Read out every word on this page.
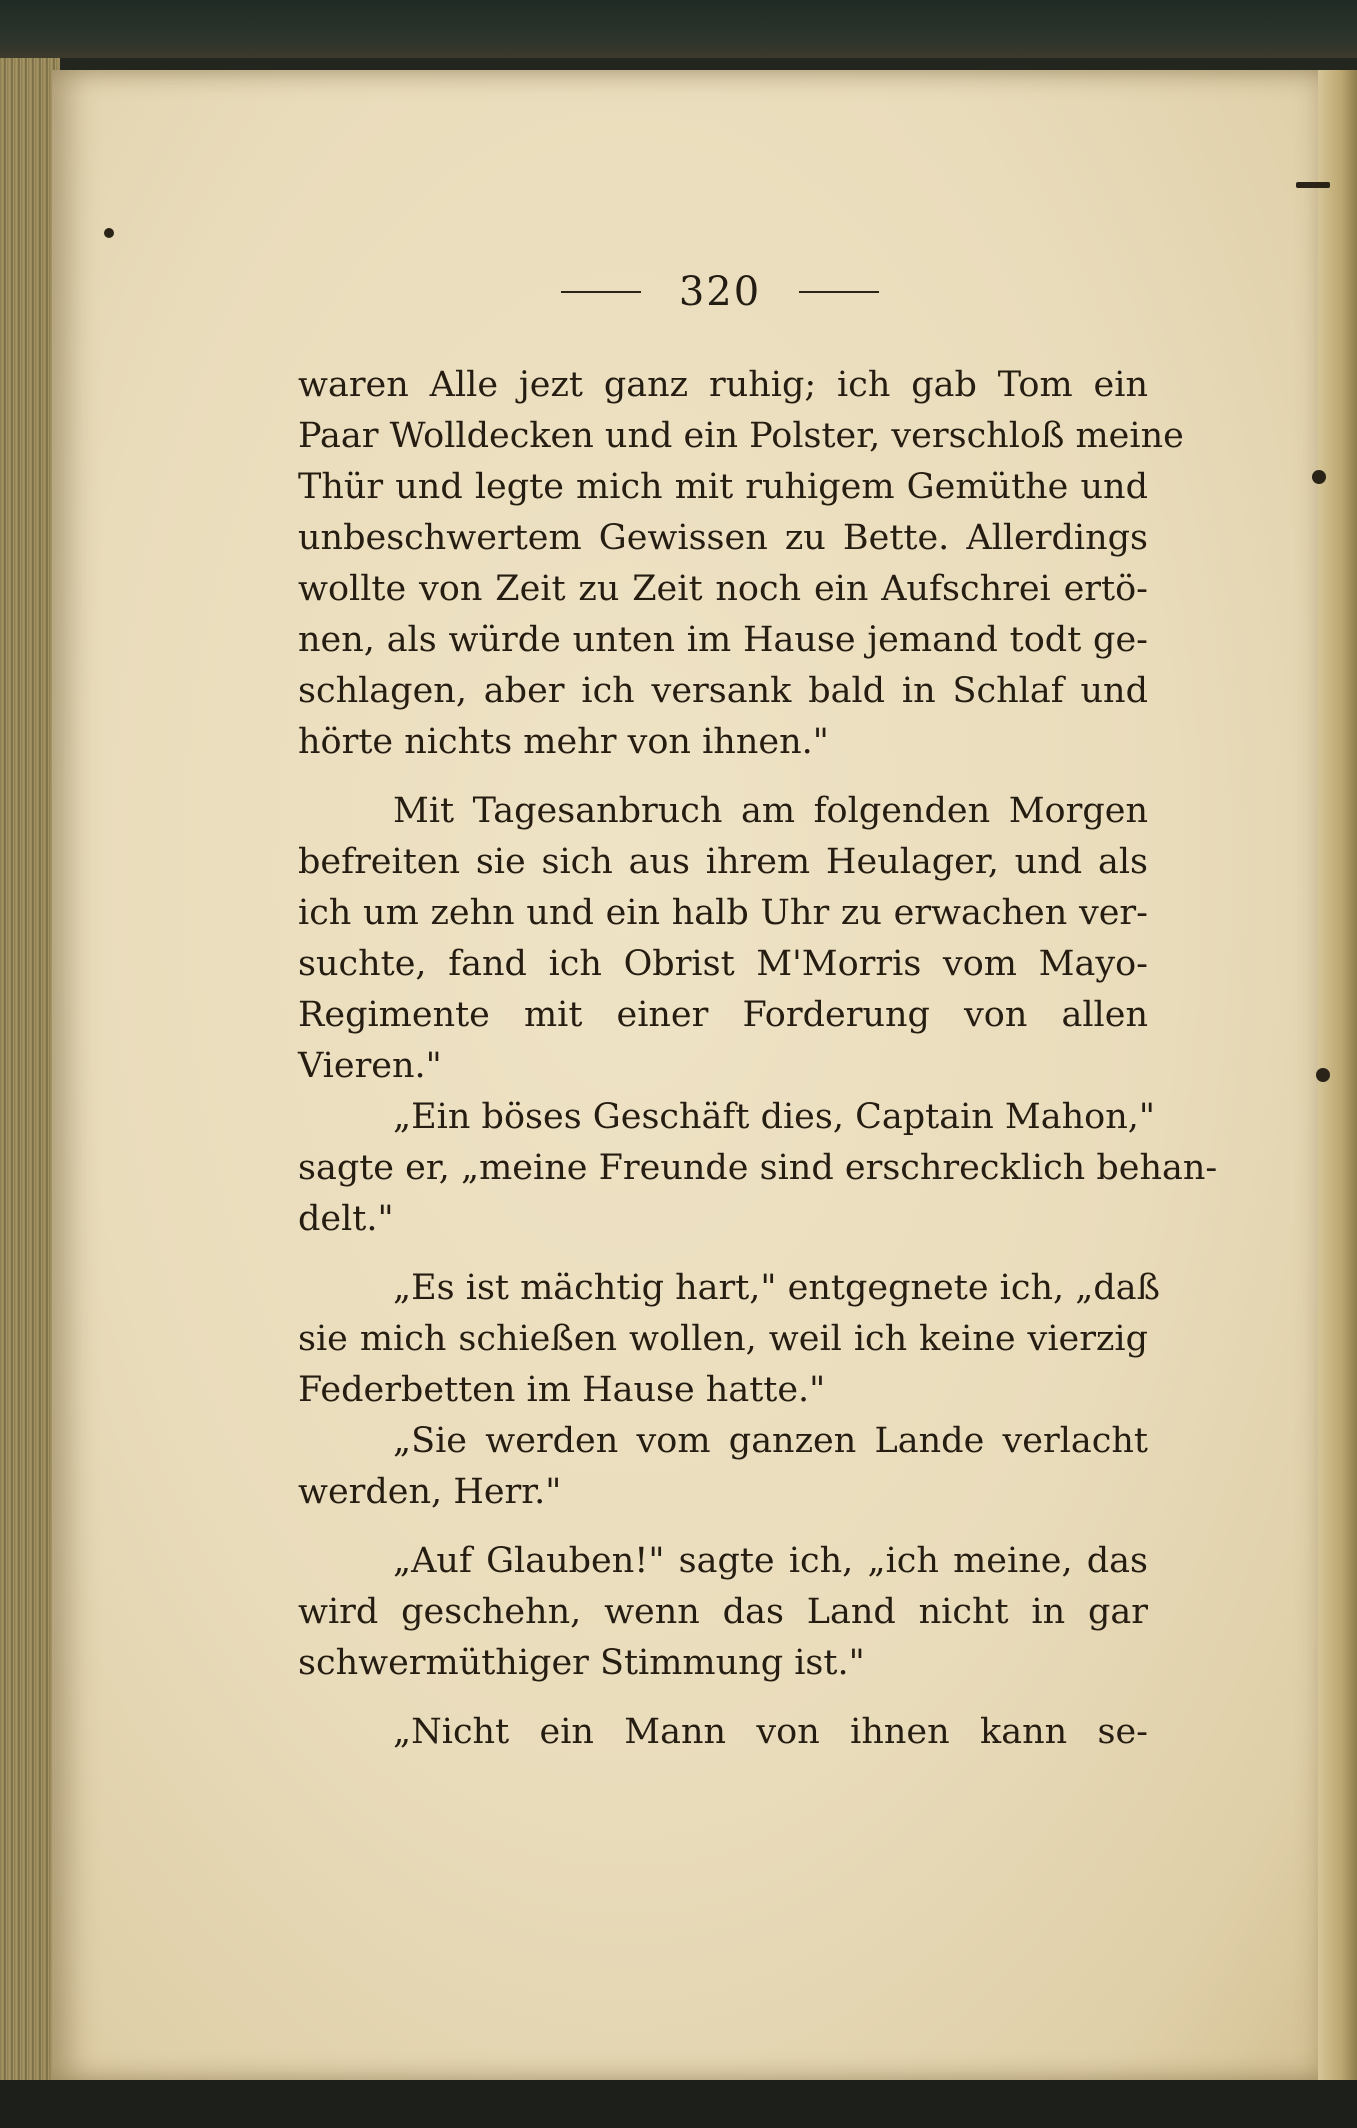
320
waren Alle jezt ganz ruhig; ich gab Tom ein
Paar Wolldecken und ein Polster, verschloß meine
Thür und legte mich mit ruhigem Gemüthe und
unbeschwertem Gewissen zu Bette. Allerdings
wollte von Zeit zu Zeit noch ein Aufschrei ertö-
nen, als würde unten im Hause jemand todt ge-
schlagen, aber ich versank bald in Schlaf und
hörte nichts mehr von ihnen."
Mit Tagesanbruch am folgenden Morgen
befreiten sie sich aus ihrem Heulager, und als
ich um zehn und ein halb Uhr zu erwachen ver-
suchte, fand ich Obrist M'Morris vom Mayo-
Regimente mit einer Forderung von allen
Vieren."
„Ein böses Geschäft dies, Captain Mahon,"
sagte er, „meine Freunde sind erschrecklich behan-
delt."
„Es ist mächtig hart," entgegnete ich, „daß
sie mich schießen wollen, weil ich keine vierzig
Federbetten im Hause hatte."
„Sie werden vom ganzen Lande verlacht
werden, Herr."
„Auf Glauben!" sagte ich, „ich meine, das
wird geschehn, wenn das Land nicht in gar
schwermüthiger Stimmung ist."
„Nicht ein Mann von ihnen kann se-
